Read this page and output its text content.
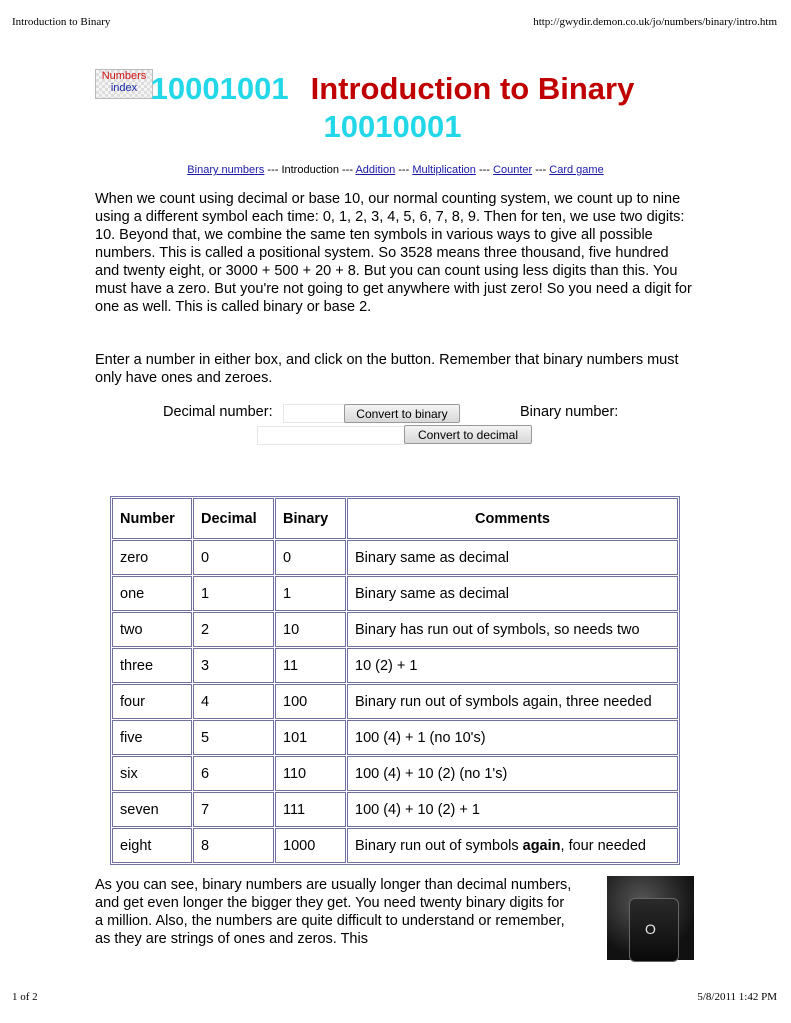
Introduction to Binary	http://gwydir.demon.co.uk/jo/numbers/binary/intro.htm
Numbers
index 10001001 Introduction to Binary
10010001
Binary numbers --- Introduction --- Addition --- Multiplication --- Counter --- Card game

When we count using decimal or base 10, our normal counting system, we count up to nine using a different symbol each time: 0, 1, 2, 3, 4, 5, 6, 7, 8, 9. Then for ten, we use two digits: 10. Beyond that, we combine the same ten symbols in various ways to give all possible numbers. This is called a positional system. So 3528 means three thousand, five hundred and twenty eight, or 3000 + 500 + 20 + 8. But you can count using less digits than this. You must have a zero. But you're not going to get anywhere with just zero! So you need a digit for one as well. This is called binary or base 2.

Enter a number in either box, and click on the button. Remember that binary numbers must only have ones and zeroes.

Decimal number:	Convert to binary	Binary number:
Convert to decimal
Number	Decimal	Binary	Comments
zero	0	0	Binary same as decimal
one	1	1	Binary same as decimal
two	2	10	Binary has run out of symbols, so needs two
three	3	11	10 (2) + 1
four	4	100	Binary run out of symbols again, three needed
five	5	101	100 (4) + 1 (no 10's)
six	6	110	100 (4) + 10 (2) (no 1's)
seven	7	111	100 (4) + 10 (2) + 1
eight	8	1000	Binary run out of symbols again, four needed

As you can see, binary numbers are usually longer than decimal numbers, and get even longer the bigger they get. You need twenty binary digits for a million. Also, the numbers are quite difficult to understand or remember, as they are strings of ones and zeros. This

O
1 of 2	5/8/2011 1:42 PM
